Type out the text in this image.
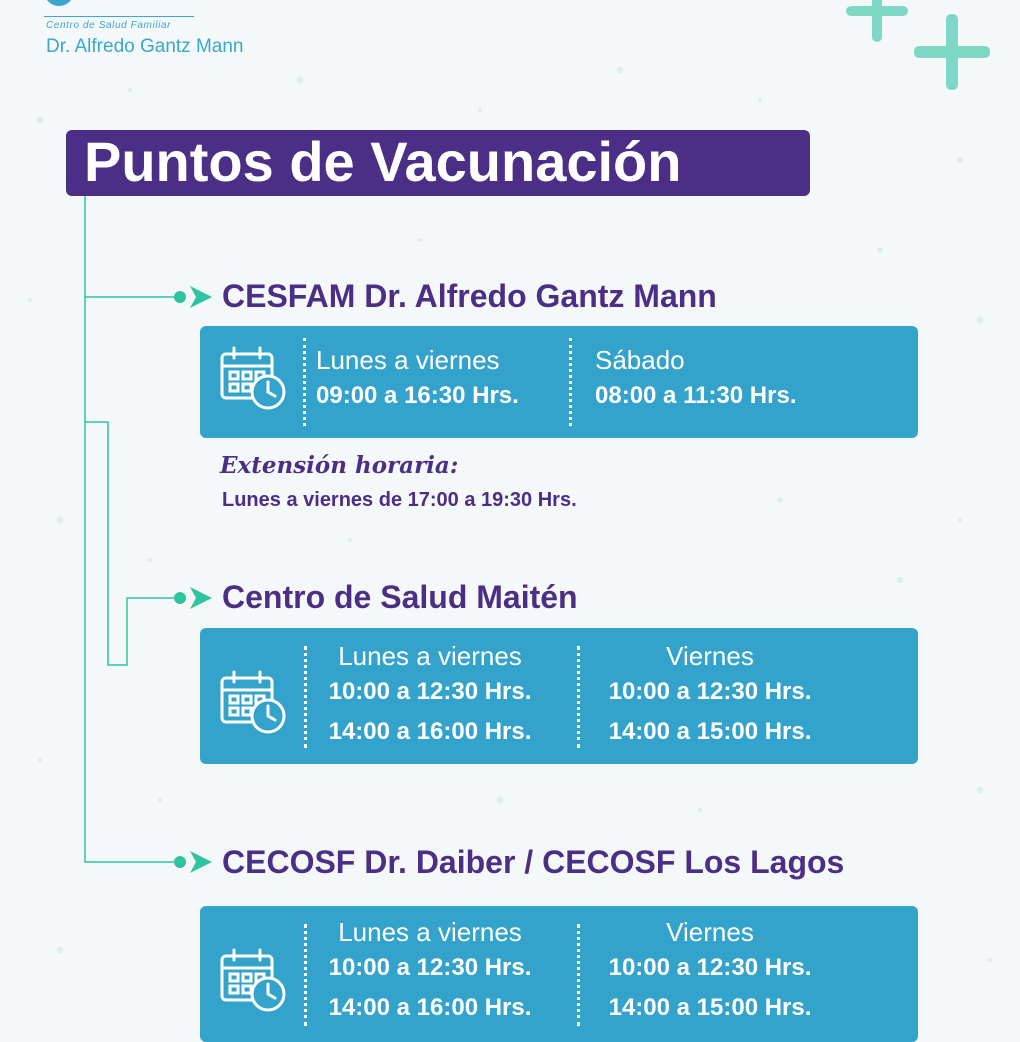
Centro de Salud Familiar
Dr. Alfredo Gantz Mann
Puntos de Vacunación
CESFAM Dr. Alfredo Gantz Mann
Lunes a viernes
09:00 a 16:30 Hrs.
Sábado
08:00 a 11:30 Hrs.
Extensión horaria:
Lunes a viernes de 17:00 a 19:30 Hrs.
Centro de Salud Maitén
Lunes a viernes
10:00 a 12:30 Hrs.
14:00 a 16:00 Hrs.
Viernes
10:00 a 12:30 Hrs.
14:00 a 15:00 Hrs.
CECOSF Dr. Daiber / CECOSF Los Lagos
Lunes a viernes
10:00 a 12:30 Hrs.
14:00 a 16:00 Hrs.
Viernes
10:00 a 12:30 Hrs.
14:00 a 15:00 Hrs.
